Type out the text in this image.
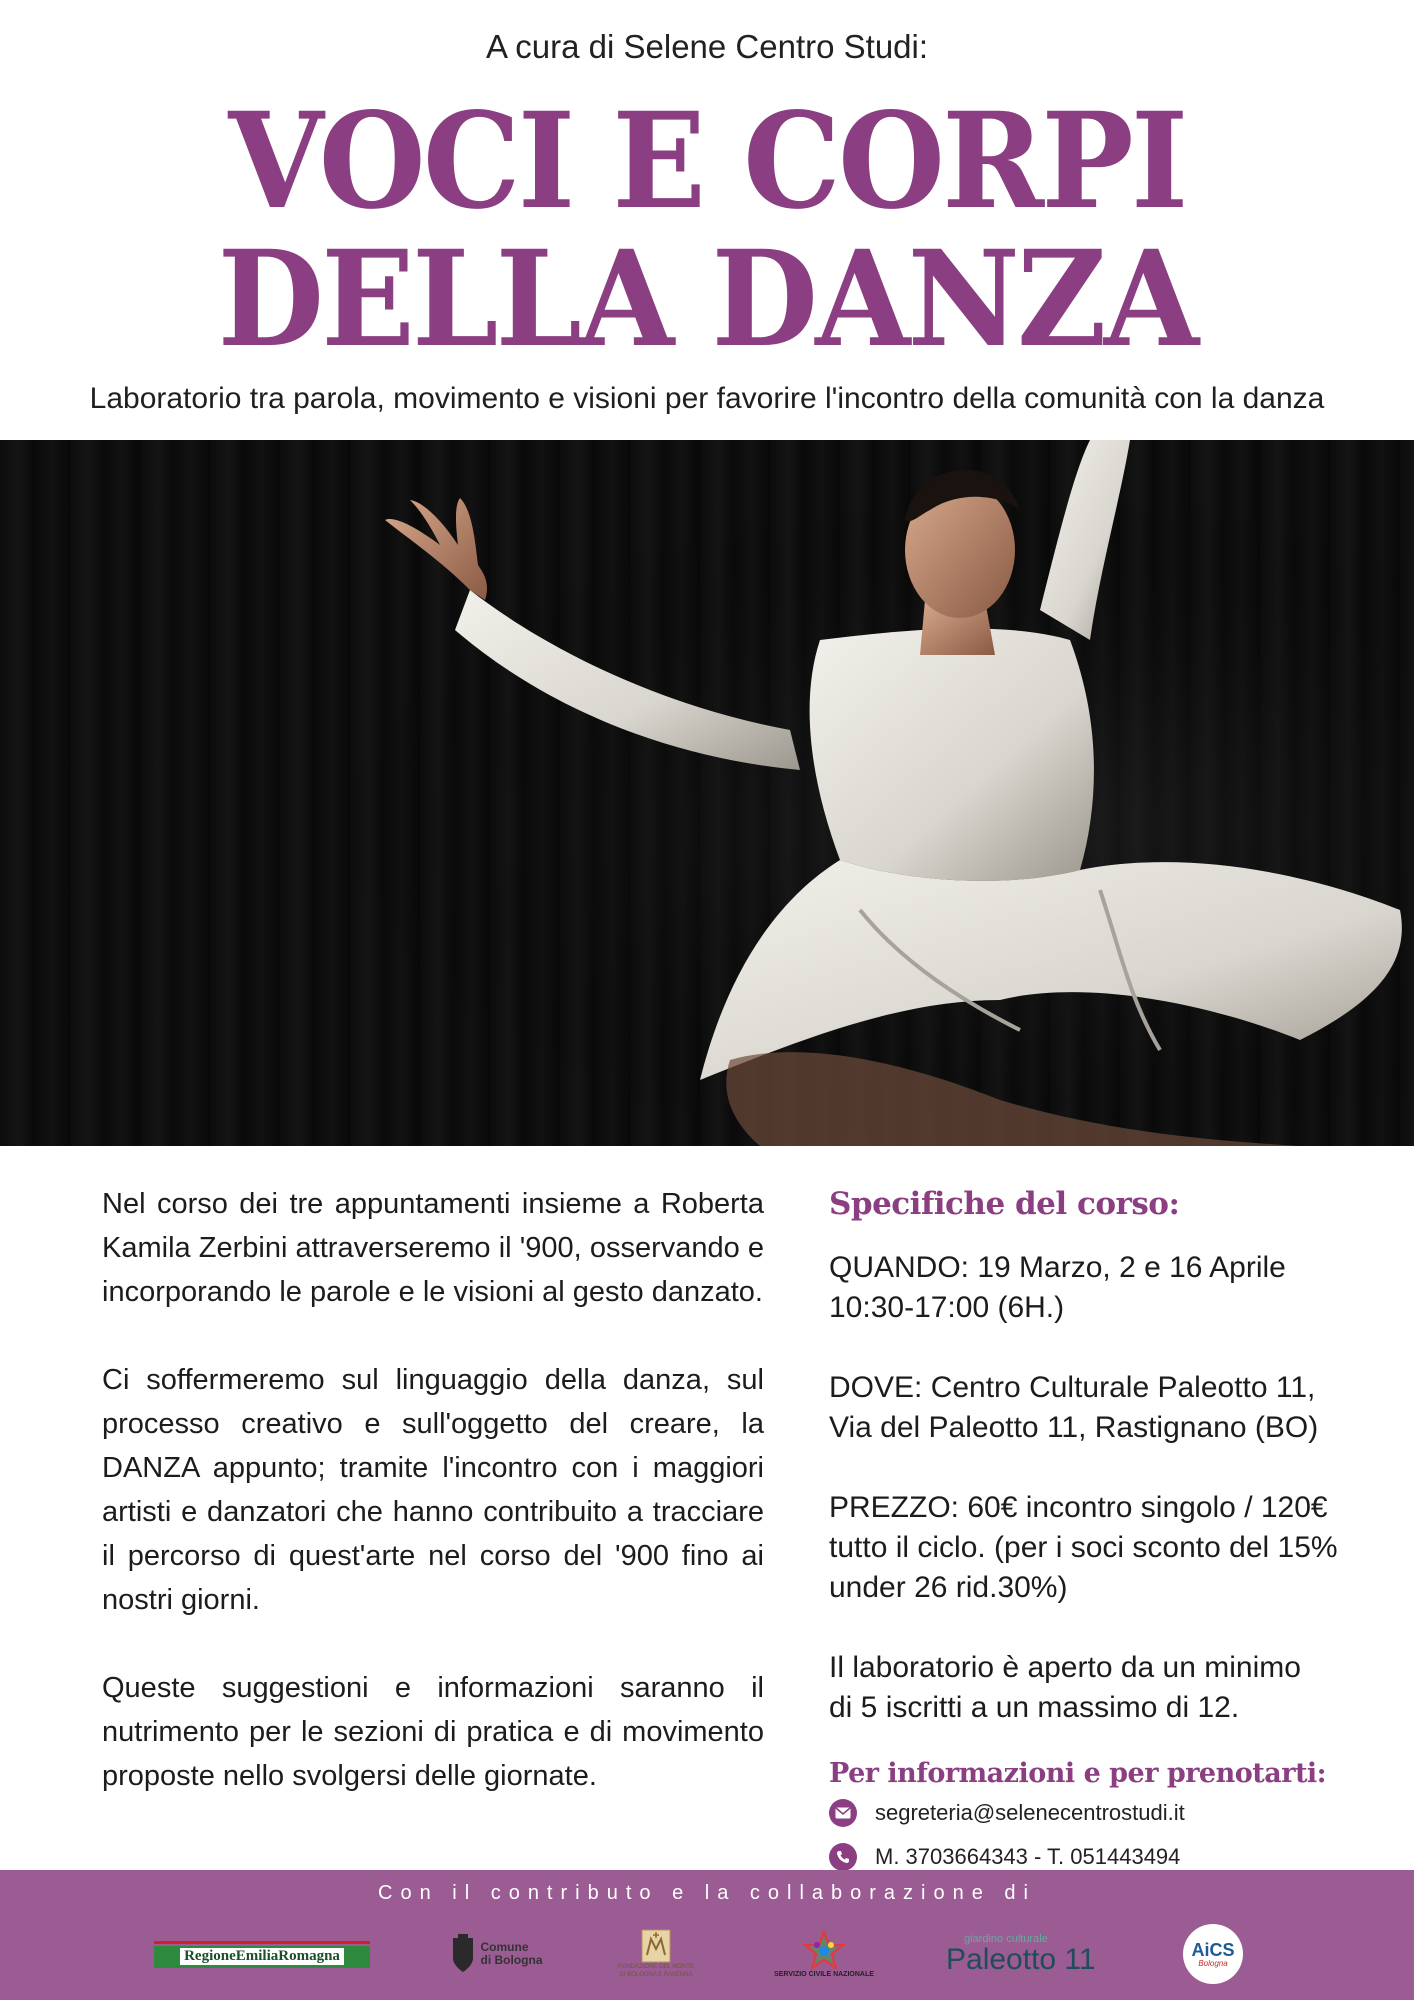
A cura di Selene Centro Studi:
VOCI E CORPI
DELLA DANZA
Laboratorio tra parola, movimento e visioni per favorire l'incontro della comunità con la danza

Nel corso dei tre appuntamenti insieme a Roberta Kamila Zerbini attraverseremo il '900, osservando e incorporando le parole e le visioni al gesto danzato.

Ci soffermeremo sul linguaggio della danza, sul processo creativo e sull'oggetto del creare, la DANZA appunto; tramite l'incontro con i maggiori artisti e danzatori che hanno contribuito a tracciare il percorso di quest'arte nel corso del '900 fino ai nostri giorni.

Queste suggestioni e informazioni saranno il nutrimento per le sezioni di pratica e di movimento proposte nello svolgersi delle giornate.

Specifiche del corso:
QUANDO: 19 Marzo, 2 e 16 Aprile
10:30-17:00 (6H.)
DOVE: Centro Culturale Paleotto 11,
Via del Paleotto 11, Rastignano (BO)
PREZZO: 60€ incontro singolo / 120€
tutto il ciclo. (per i soci sconto del 15%
under 26 rid.30%)
Il laboratorio è aperto da un minimo
di 5 iscritti a un massimo di 12.
Per informazioni e per prenotarti:
segreteria@selenecentrostudi.it
M. 3703664343 - T. 051443494
Con il contributo e la collaborazione di
RegioneEmiliaRomagna
Comune
di Bologna	FONDAZIONE DEL MONTE
DI BOLOGNA E RAVENNA	SERVIZIO CIVILE NAZIONALE
giardino culturale
Paleotto 11	AiCS
Bologna
